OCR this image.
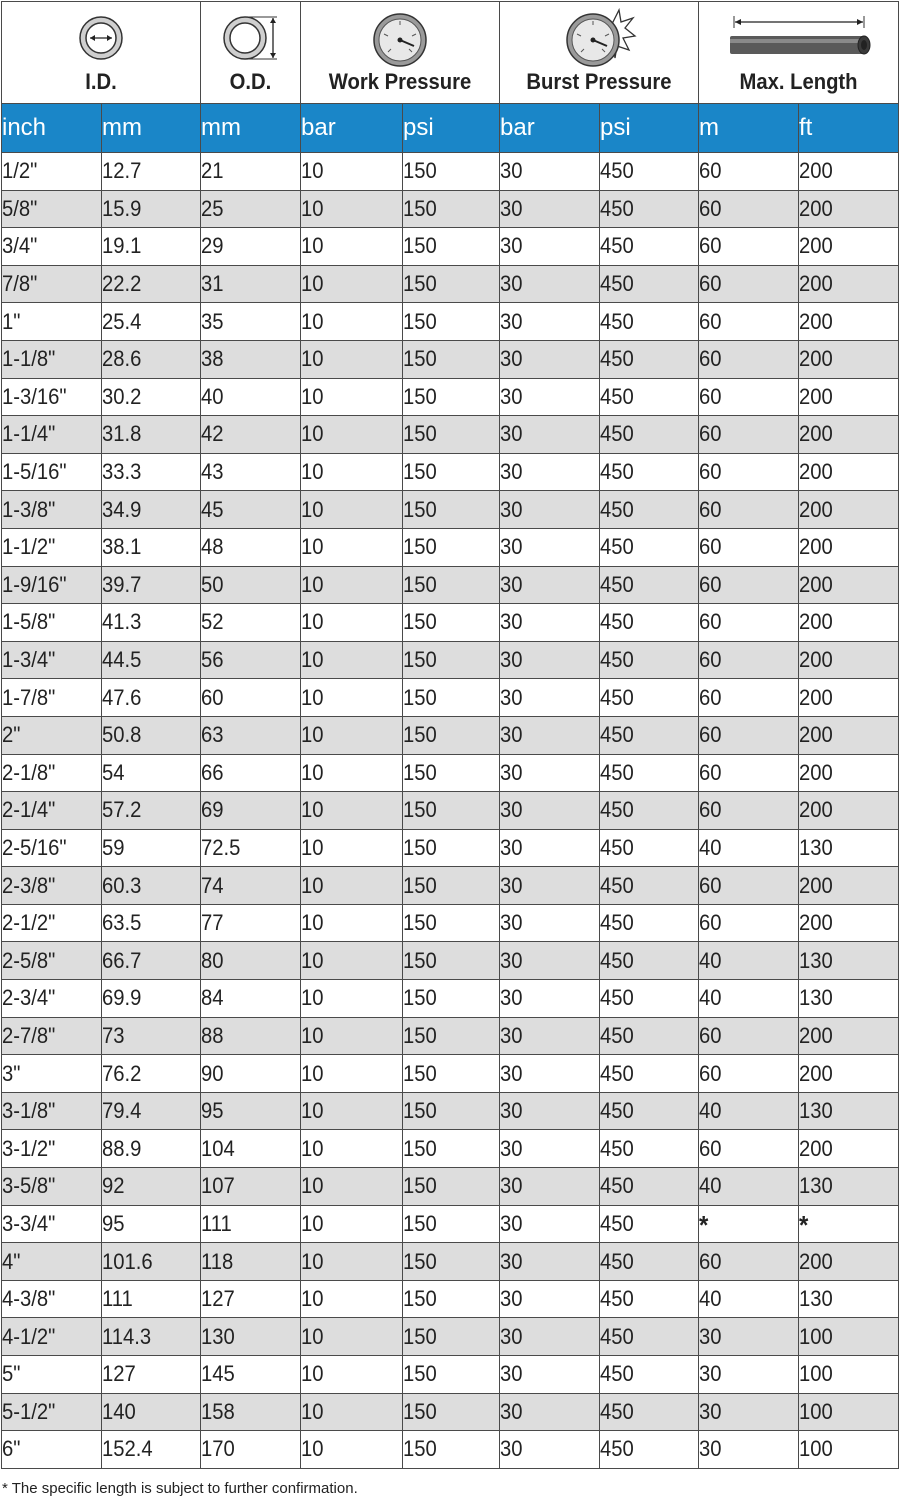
I.D.		O.D.	Work Pressure		Burst Pressure		Max. Length	

inch	mm	mm	bar	psi	bar	psi	m	ft
1/2"	12.7	21	10	150	30	450	60	200
5/8"	15.9	25	10	150	30	450	60	200
3/4"	19.1	29	10	150	30	450	60	200
7/8"	22.2	31	10	150	30	450	60	200
1"	25.4	35	10	150	30	450	60	200
1-1/8"	28.6	38	10	150	30	450	60	200
1-3/16"	30.2	40	10	150	30	450	60	200
1-1/4"	31.8	42	10	150	30	450	60	200
1-5/16"	33.3	43	10	150	30	450	60	200
1-3/8"	34.9	45	10	150	30	450	60	200
1-1/2"	38.1	48	10	150	30	450	60	200
1-9/16"	39.7	50	10	150	30	450	60	200
1-5/8"	41.3	52	10	150	30	450	60	200
1-3/4"	44.5	56	10	150	30	450	60	200
1-7/8"	47.6	60	10	150	30	450	60	200
2"	50.8	63	10	150	30	450	60	200
2-1/8"	54	66	10	150	30	450	60	200
2-1/4"	57.2	69	10	150	30	450	60	200
2-5/16"	59	72.5	10	150	30	450	40	130
2-3/8"	60.3	74	10	150	30	450	60	200
2-1/2"	63.5	77	10	150	30	450	60	200
2-5/8"	66.7	80	10	150	30	450	40	130
2-3/4"	69.9	84	10	150	30	450	40	130
2-7/8"	73	88	10	150	30	450	60	200
3"	76.2	90	10	150	30	450	60	200
3-1/8"	79.4	95	10	150	30	450	40	130
3-1/2"	88.9	104	10	150	30	450	60	200
3-5/8"	92	107	10	150	30	450	40	130
3-3/4"	95	111	10	150	30	450	*	*
4"	101.6	118	10	150	30	450	60	200
4-3/8"	111	127	10	150	30	450	40	130
4-1/2"	114.3	130	10	150	30	450	30	100
5"	127	145	10	150	30	450	30	100
5-1/2"	140	158	10	150	30	450	30	100
6"	152.4	170	10	150	30	450	30	100
* The specific length is subject to further confirmation.
